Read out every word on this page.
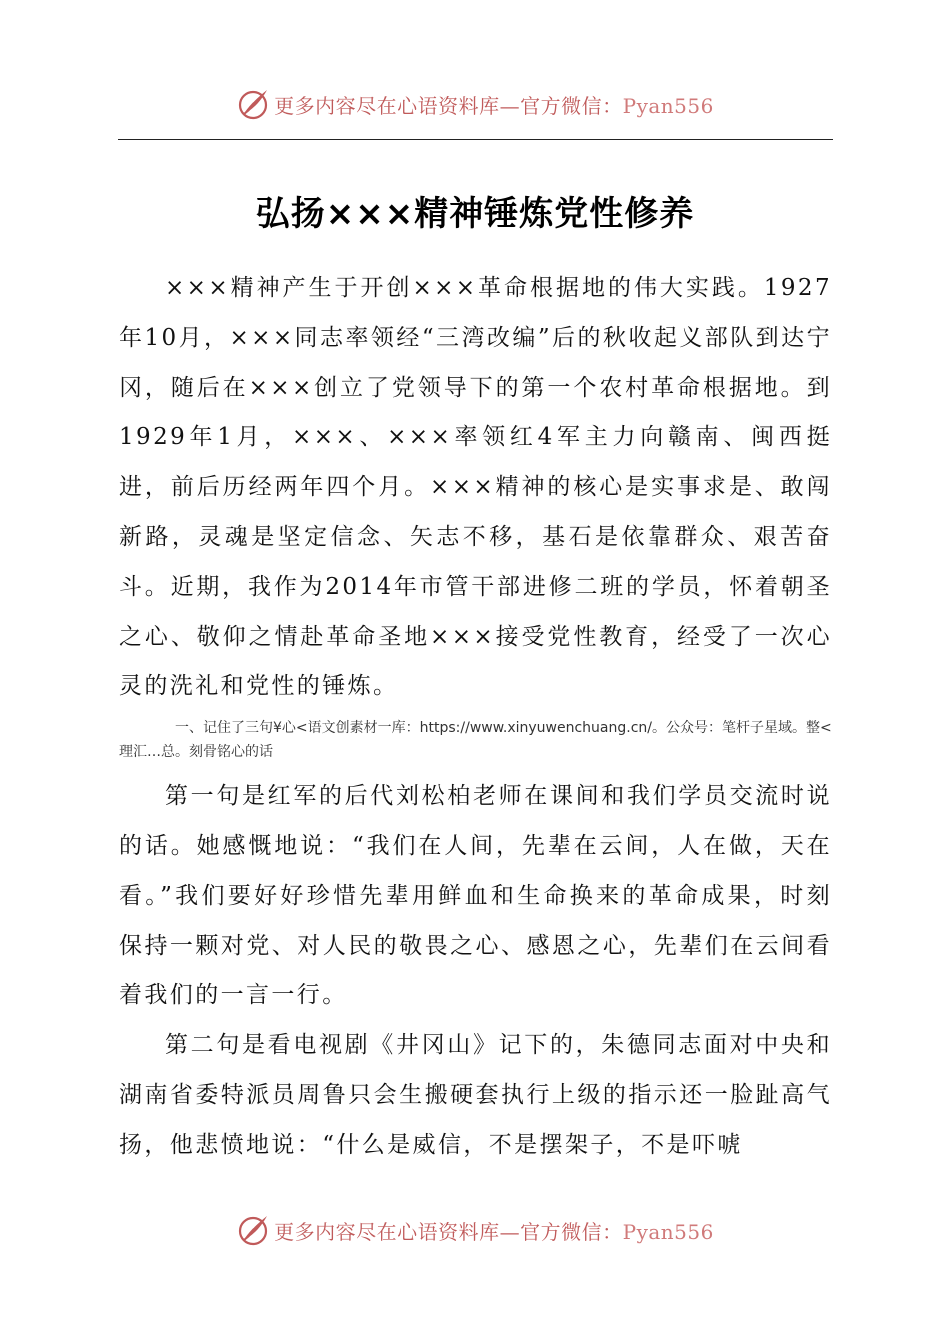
更多内容尽在心语资料库—官方微信：Pyan556
弘扬×××精神锤炼党性修养

×××精神产生于开创×××革命根据地的伟大实践。1927年10月，×××同志率领经“三湾改编”后的秋收起义部队到达宁冈，随后在×××创立了党领导下的第一个农村革命根据地。到1929年1月，×××、×××率领红4军主力向赣南、闽西挺进，前后历经两年四个月。×××精神的核心是实事求是、敢闯新路，灵魂是坚定信念、矢志不移，基石是依靠群众、艰苦奋斗。近期，我作为2014年市管干部进修二班的学员，怀着朝圣之心、敬仰之情赴革命圣地×××接受党性教育，经受了一次心灵的洗礼和党性的锤炼。

一、记住了三句¥心<语文创素材一库：https://www.xinyuwenchuang.cn/。公众号：笔杆子星域。整<理汇…总。刻骨铭心的话

第一句是红军的后代刘松柏老师在课间和我们学员交流时说的话。她感慨地说：“我们在人间，先辈在云间，人在做，天在看。”我们要好好珍惜先辈用鲜血和生命换来的革命成果，时刻保持一颗对党、对人民的敬畏之心、感恩之心，先辈们在云间看着我们的一言一行。

第二句是看电视剧《井冈山》记下的，朱德同志面对中央和湖南省委特派员周鲁只会生搬硬套执行上级的指示还一脸趾高气扬，他悲愤地说：“什么是威信，不是摆架子，不是吓唬

更多内容尽在心语资料库—官方微信：Pyan556
